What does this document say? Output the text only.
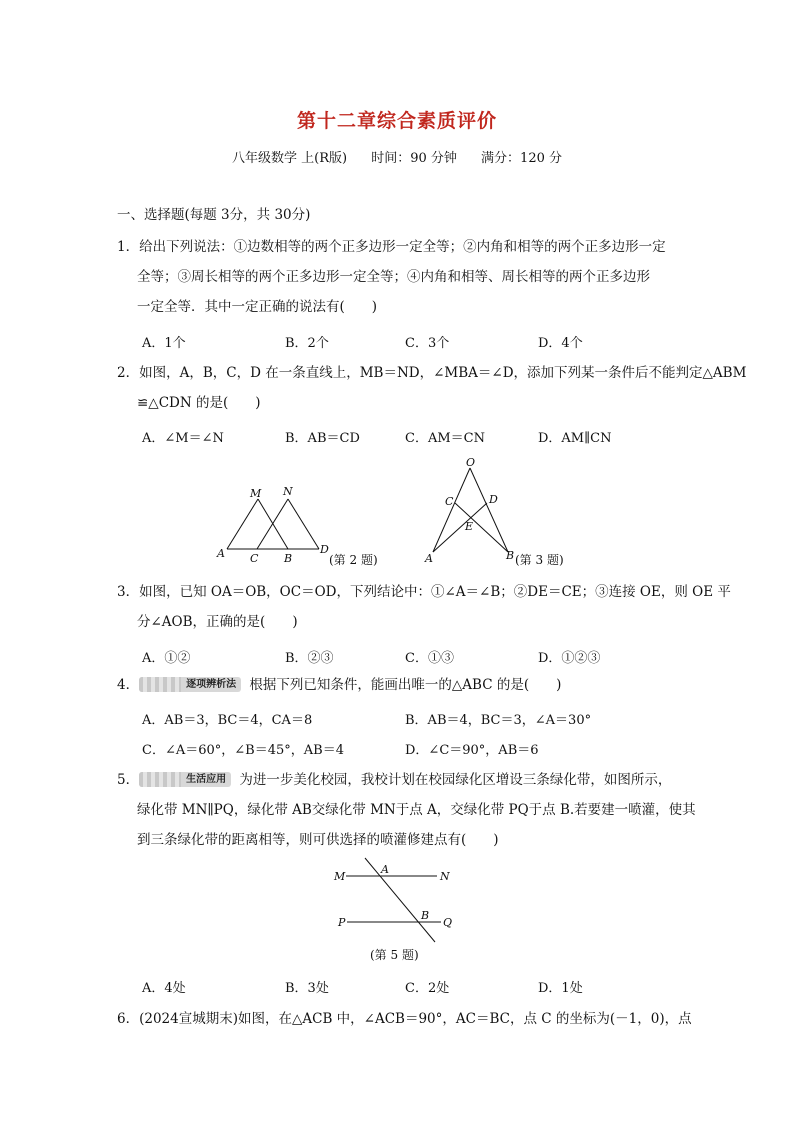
第十二章综合素质评价
八年级数学 上(R版) 时间：90 分钟 满分：120 分
一、选择题(每题 3分，共 30分)
1．给出下列说法：①边数相等的两个正多边形一定全等；②内角和相等的两个正多边形一定
全等；③周长相等的两个正多边形一定全等；④内角和相等、周长相等的两个正多边形
一定全等．其中一定正确的说法有(　　)
A．1个	B．2个	C．3个	D．4个
2．如图，A，B，C，D 在一条直线上，MB＝ND，∠MBA＝∠D，添加下列某一条件后不能判定△ABM
≌△CDN 的是(　　)
A．∠M＝∠N	B．AB＝CD	C．AM＝CN	D．AM∥CN
M N
A C B
D
(第 2 题)
O
C	D
E
A	B (第 3 题)
3．如图，已知 OA＝OB，OC＝OD，下列结论中：①∠A＝∠B；②DE＝CE；③连接 OE，则 OE 平
分∠AOB，正确的是(　　)
A．①②	B．②③	C．①③	D．①②③
4．	逐项辨析法 根据下列已知条件，能画出唯一的△ABC 的是(　　)
A．AB＝3，BC＝4，CA＝8	B．AB＝4，BC＝3，∠A＝30°
C．∠A＝60°，∠B＝45°，AB＝4	D．∠C＝90°，AB＝6
5．	生活应用 为进一步美化校园，我校计划在校园绿化区增设三条绿化带，如图所示，
绿化带 MN∥PQ，绿化带 AB交绿化带 MN于点 A，交绿化带 PQ于点 B.若要建一喷灌，使其
到三条绿化带的距离相等，则可供选择的喷灌修建点有(　　)
M
A
N
P
B
Q
(第 5 题)
A．4处	B．3处	C．2处	D．1处
6．(2024宣城期末)如图，在△ACB 中，∠ACB＝90°，AC＝BC，点 C 的坐标为(－1，0)，点
